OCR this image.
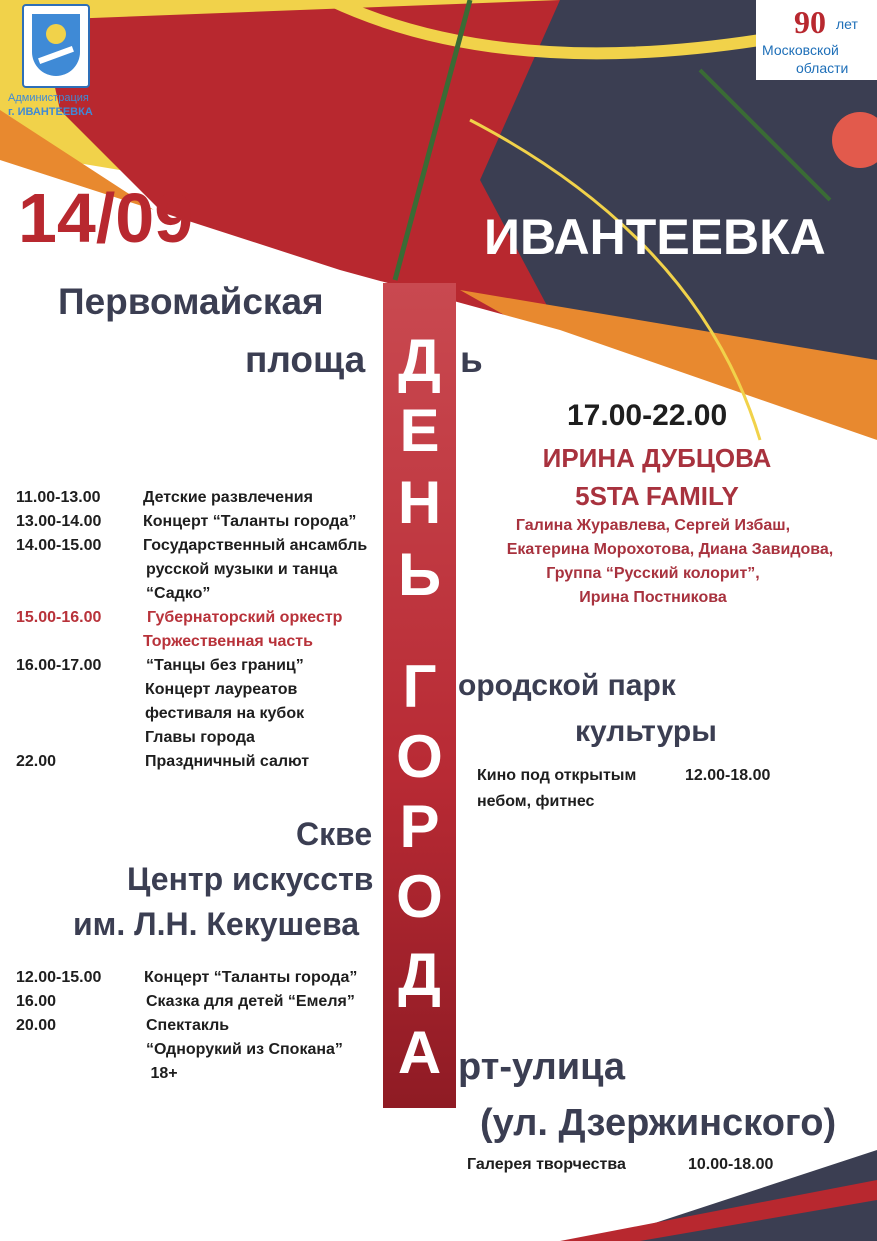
Администрация
г. ИВАНТЕЕВКА
90 лет
Московской
области
14/09	ИВАНТЕЕВКА
Д
Е
Н
Ь
Г
О
Р
О
Д
А
Первомайская
площа	ь
11.00-13.00	Детские развлечения
13.00-14.00	Концерт “Таланты города”
14.00-15.00	Государственный ансамбль
русской музыки и танца
“Садко”
15.00-16.00	Губернаторский оркестр
Торжественная часть
16.00-17.00	“Танцы без границ”
Концерт лауреатов
фестиваля на кубок
Главы города
22.00	Праздничный салют
17.00-22.00
ИРИНА ДУБЦОВА
5STA FAMILY
Галина Журавлева, Сергей Избаш,
Екатерина Морохотова, Диана Завидова,
Группа “Русский колорит”,
Ирина Постникова
ородской парк
культуры
Кино под открытым
небом, фитнес
12.00-18.00
Скве
Центр искусств
им. Л.Н. Кекушева
12.00-15.00	Концерт “Таланты города”
16.00	Сказка для детей “Емеля”
20.00	Спектакль
“Однорукий из Спокана”
18+	рт-улица
(ул. Дзержинского)
Галерея творчества	10.00-18.00
